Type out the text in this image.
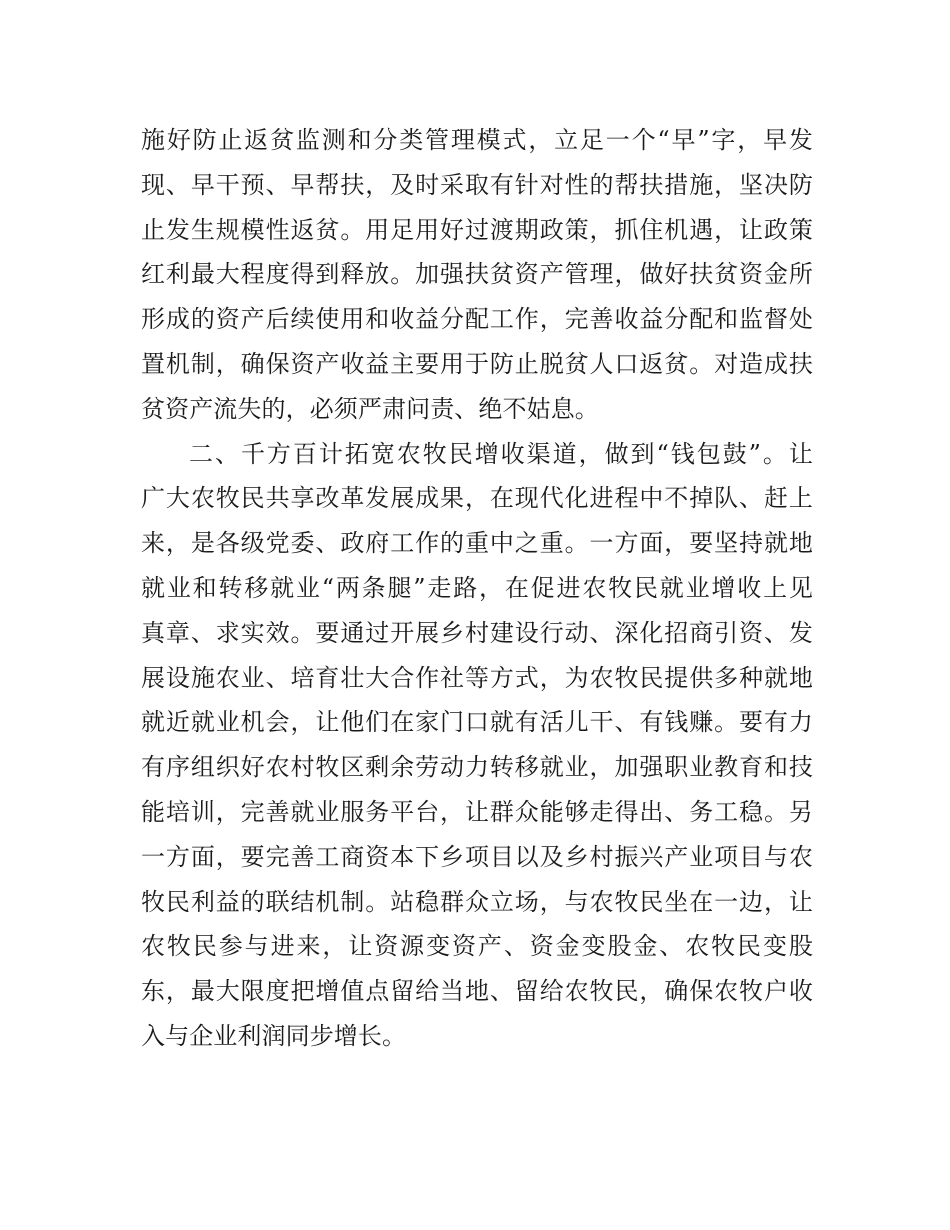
施好防止返贫监测和分类管理模式，立足一个“早”字，早发
现、早干预、早帮扶，及时采取有针对性的帮扶措施，坚决防
止发生规模性返贫。用足用好过渡期政策，抓住机遇，让政策
红利最大程度得到释放。加强扶贫资产管理，做好扶贫资金所
形成的资产后续使用和收益分配工作，完善收益分配和监督处
置机制，确保资产收益主要用于防止脱贫人口返贫。对造成扶
贫资产流失的，必须严肃问责、绝不姑息。
二、千方百计拓宽农牧民增收渠道，做到“钱包鼓”。让
广大农牧民共享改革发展成果，在现代化进程中不掉队、赶上
来，是各级党委、政府工作的重中之重。一方面，要坚持就地
就业和转移就业“两条腿”走路，在促进农牧民就业增收上见
真章、求实效。要通过开展乡村建设行动、深化招商引资、发
展设施农业、培育壮大合作社等方式，为农牧民提供多种就地
就近就业机会，让他们在家门口就有活儿干、有钱赚。要有力
有序组织好农村牧区剩余劳动力转移就业，加强职业教育和技
能培训，完善就业服务平台，让群众能够走得出、务工稳。另
一方面，要完善工商资本下乡项目以及乡村振兴产业项目与农
牧民利益的联结机制。站稳群众立场，与农牧民坐在一边，让
农牧民参与进来，让资源变资产、资金变股金、农牧民变股
东，最大限度把增值点留给当地、留给农牧民，确保农牧户收
入与企业利润同步增长。
